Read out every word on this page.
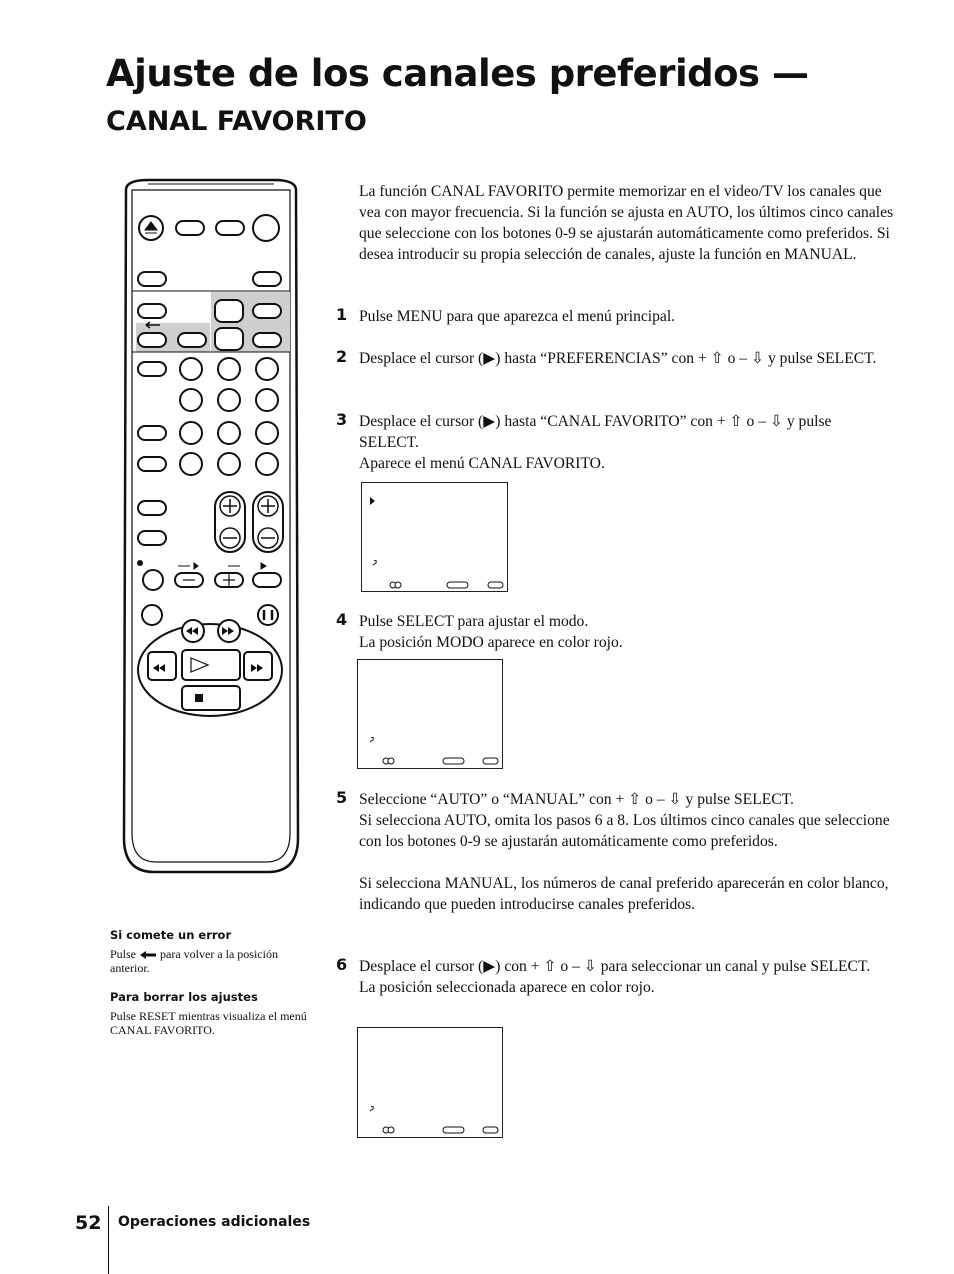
Ajuste de los canales preferidos —
CANAL FAVORITO

La función CANAL FAVORITO permite memorizar en el video/TV los canales que vea con mayor frecuencia. Si la función se ajusta en AUTO, los últimos cinco canales que seleccione con los botones 0-9 se ajustarán automáticamente como preferidos. Si desea introducir su propia selección de canales, ajuste la función en MANUAL.

1 Pulse MENU para que aparezca el menú principal.
2 Desplace el cursor (▶) hasta “PREFERENCIAS” con + ⇧ o – ⇩ y pulse SELECT.
3 Desplace el cursor (▶) hasta “CANAL FAVORITO” con + ⇧ o – ⇩ y pulse SELECT.
Aparece el menú CANAL FAVORITO.
4 Pulse SELECT para ajustar el modo.
La posición MODO aparece en color rojo.
5 Seleccione “AUTO” o “MANUAL” con + ⇧ o – ⇩ y pulse SELECT.
Si selecciona AUTO, omita los pasos 6 a 8. Los últimos cinco canales que seleccione con los botones 0-9 se ajustarán automáticamente como preferidos.
Si selecciona MANUAL, los números de canal preferido aparecerán en color blanco, indicando que pueden introducirse canales preferidos.
6 Desplace el cursor (▶) con + ⇧ o – ⇩ para seleccionar un canal y pulse SELECT.
La posición seleccionada aparece en color rojo.
Si comete un error
Pulse para volver a la posición anterior.
Para borrar los ajustes
Pulse RESET mientras visualiza el menú CANAL FAVORITO.
52 Operaciones adicionales
